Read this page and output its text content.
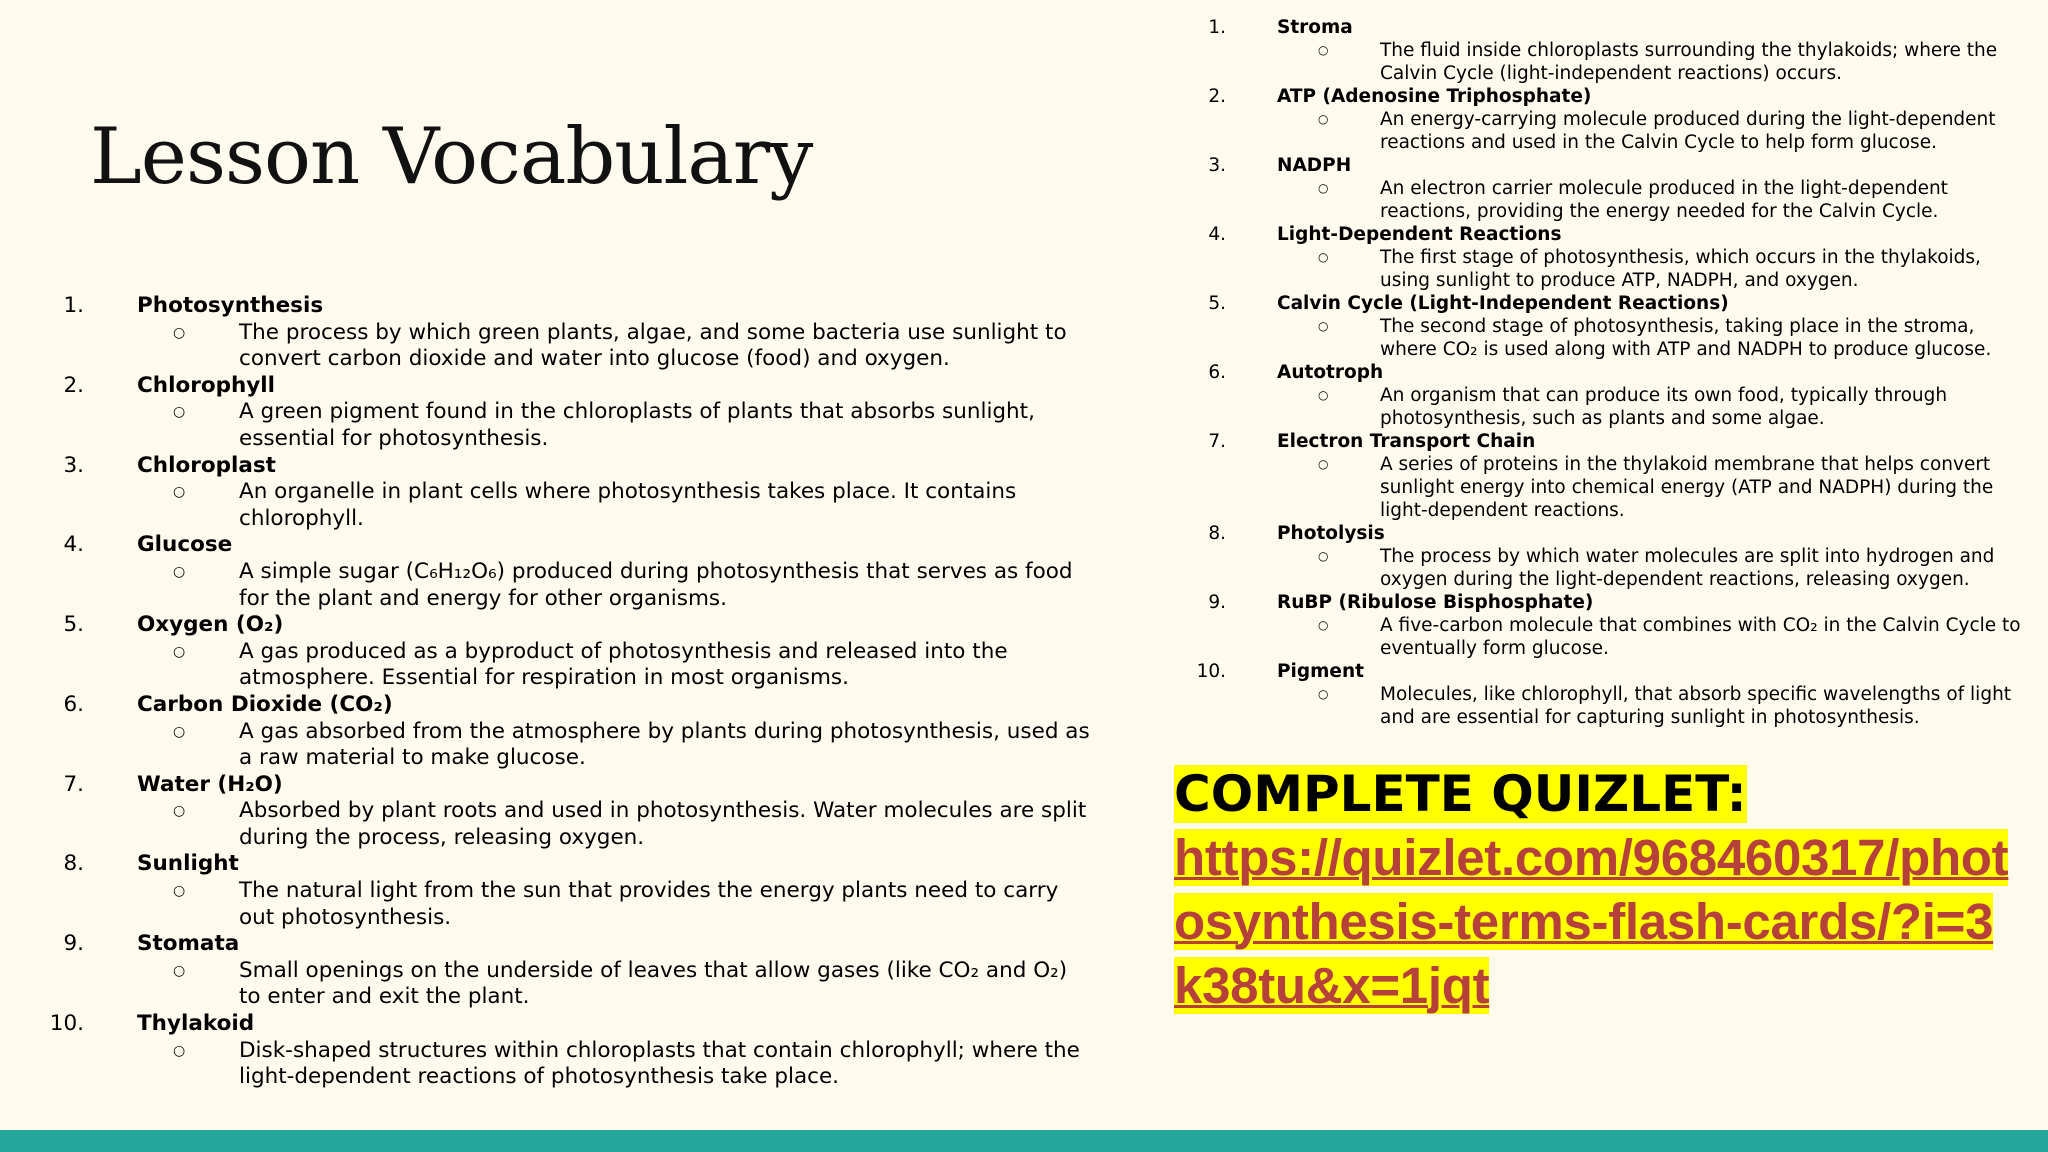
Lesson Vocabulary
1. Photosynthesis
○	The process by which green plants, algae, and some bacteria use sunlight to convert carbon dioxide and water into glucose (food) and oxygen.
2. Chlorophyll
○	A green pigment found in the chloroplasts of plants that absorbs sunlight, essential for photosynthesis.
3. Chloroplast
○	An organelle in plant cells where photosynthesis takes place. It contains chlorophyll.
4. Glucose
○	A simple sugar (C₆H₁₂O₆) produced during photosynthesis that serves as food for the plant and energy for other organisms.
5. Oxygen (O₂)
○	A gas produced as a byproduct of photosynthesis and released into the atmosphere. Essential for respiration in most organisms.
6. Carbon Dioxide (CO₂)
○	A gas absorbed from the atmosphere by plants during photosynthesis, used as a raw material to make glucose.
7. Water (H₂O)
○	Absorbed by plant roots and used in photosynthesis. Water molecules are split during the process, releasing oxygen.
8. Sunlight
○	The natural light from the sun that provides the energy plants need to carry out photosynthesis.
9. Stomata
○	Small openings on the underside of leaves that allow gases (like CO₂ and O₂) to enter and exit the plant.
10. Thylakoid
○	Disk-shaped structures within chloroplasts that contain chlorophyll; where the light-dependent reactions of photosynthesis take place.
1.	Stroma
○	The fluid inside chloroplasts surrounding the thylakoids; where the Calvin Cycle (light-independent reactions) occurs.
2.	ATP (Adenosine Triphosphate)
○	An energy-carrying molecule produced during the light-dependent reactions and used in the Calvin Cycle to help form glucose.
3.	NADPH
○	An electron carrier molecule produced in the light-dependent reactions, providing the energy needed for the Calvin Cycle.
4.	Light-Dependent Reactions
○	The first stage of photosynthesis, which occurs in the thylakoids, using sunlight to produce ATP, NADPH, and oxygen.
5.	Calvin Cycle (Light-Independent Reactions)
○	The second stage of photosynthesis, taking place in the stroma, where CO₂ is used along with ATP and NADPH to produce glucose.
6.	Autotroph
○	An organism that can produce its own food, typically through photosynthesis, such as plants and some algae.
7.	Electron Transport Chain
○	A series of proteins in the thylakoid membrane that helps convert sunlight energy into chemical energy (ATP and NADPH) during the light-dependent reactions.
8.	Photolysis
○	The process by which water molecules are split into hydrogen and oxygen during the light-dependent reactions, releasing oxygen.
9.	RuBP (Ribulose Bisphosphate)
○	A five-carbon molecule that combines with CO₂ in the Calvin Cycle to eventually form glucose.
10.	Pigment
○	Molecules, like chlorophyll, that absorb specific wavelengths of light and are essential for capturing sunlight in photosynthesis.
COMPLETE QUIZLET:
https://quizlet.com/968460317/photosynthesis-terms-flash-cards/?i=3k38tu&x=1jqt
